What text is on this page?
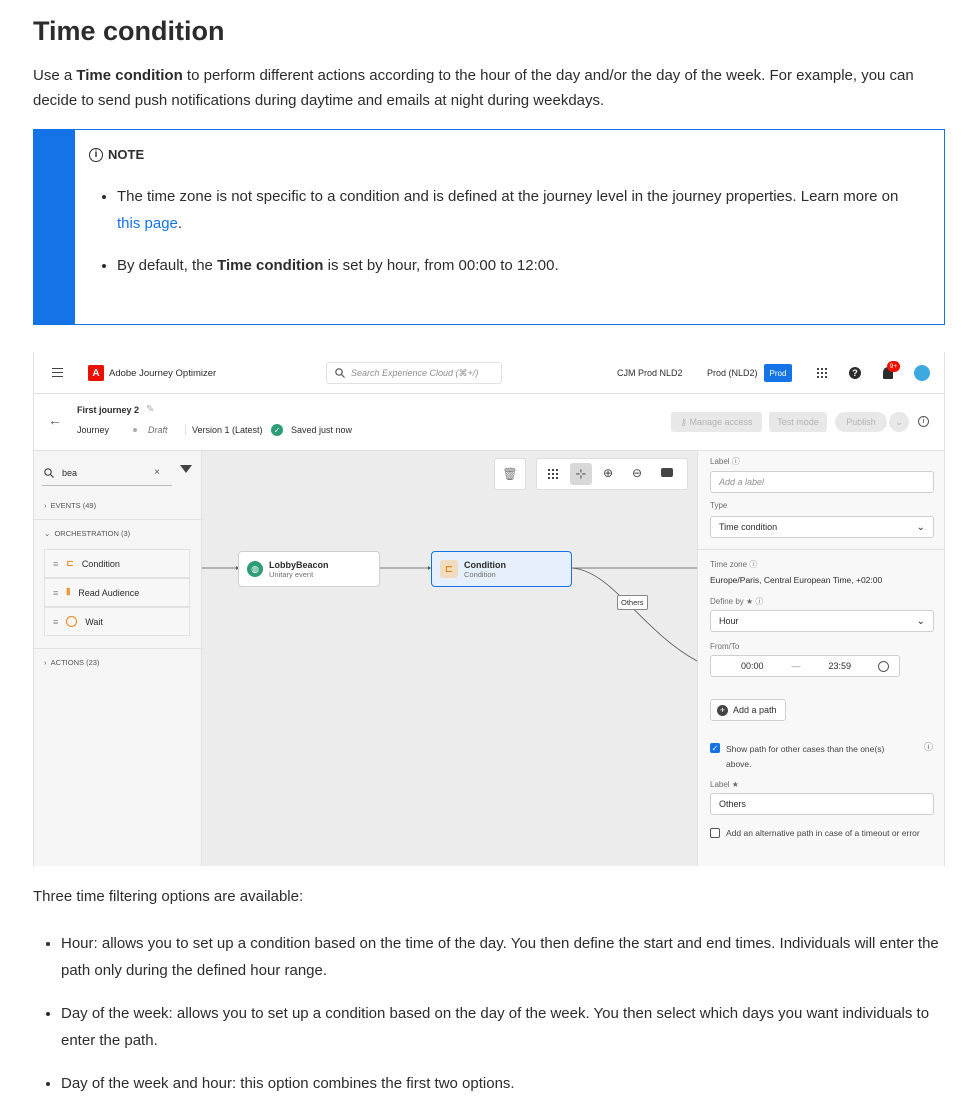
Time condition

Use a Time condition to perform different actions according to the hour of the day and/or the day of the week. For example, you can decide to send push notifications during daytime and emails at night during weekdays.

i NOTE
• The time zone is not specific to a condition and is defined at the journey level in the journey properties. Learn more on this page.
• By default, the Time condition is set by hour, from 00:00 to 12:00.
A Adobe Journey Optimizer	Search Experience Cloud (⌘+/)	CJM Prod NLD2	Prod (NLD2)	Prod	?
9+
←
First journey 2 ✎
Journey	Draft	Version 1 (Latest)	✓ Saved just now
⚷ Manage access	Test mode	Publish	⌄	i
bea	×
›  EVENTS (49)
⌄  ORCHESTRATION (3)
≡ ⊏ Condition
≡ ⦀ Read Audience
≡	Wait
›  ACTIONS (23)
🗑	⊹	⊕ ⊖
◍	LobbyBeacon
Unitary event	⊏	Condition
Condition
Others
Label ⓘ
Add a label
Type
Time condition	⌄
Time zone ⓘ
Europe/Paris, Central European Time, +02:00
Define by ★ ⓘ
Hour	⌄
From/To
00:00	—	23:59
+ Add a path
✓ Show path for other cases than the one(s) above.
ⓘ
Label ★
Others
Add an alternative path in case of a timeout or error

Three time filtering options are available:

• Hour: allows you to set up a condition based on the time of the day. You then define the start and end times. Individuals will enter the path only during the defined hour range.
• Day of the week: allows you to set up a condition based on the day of the week. You then select which days you want individuals to enter the path.
• Day of the week and hour: this option combines the first two options.
